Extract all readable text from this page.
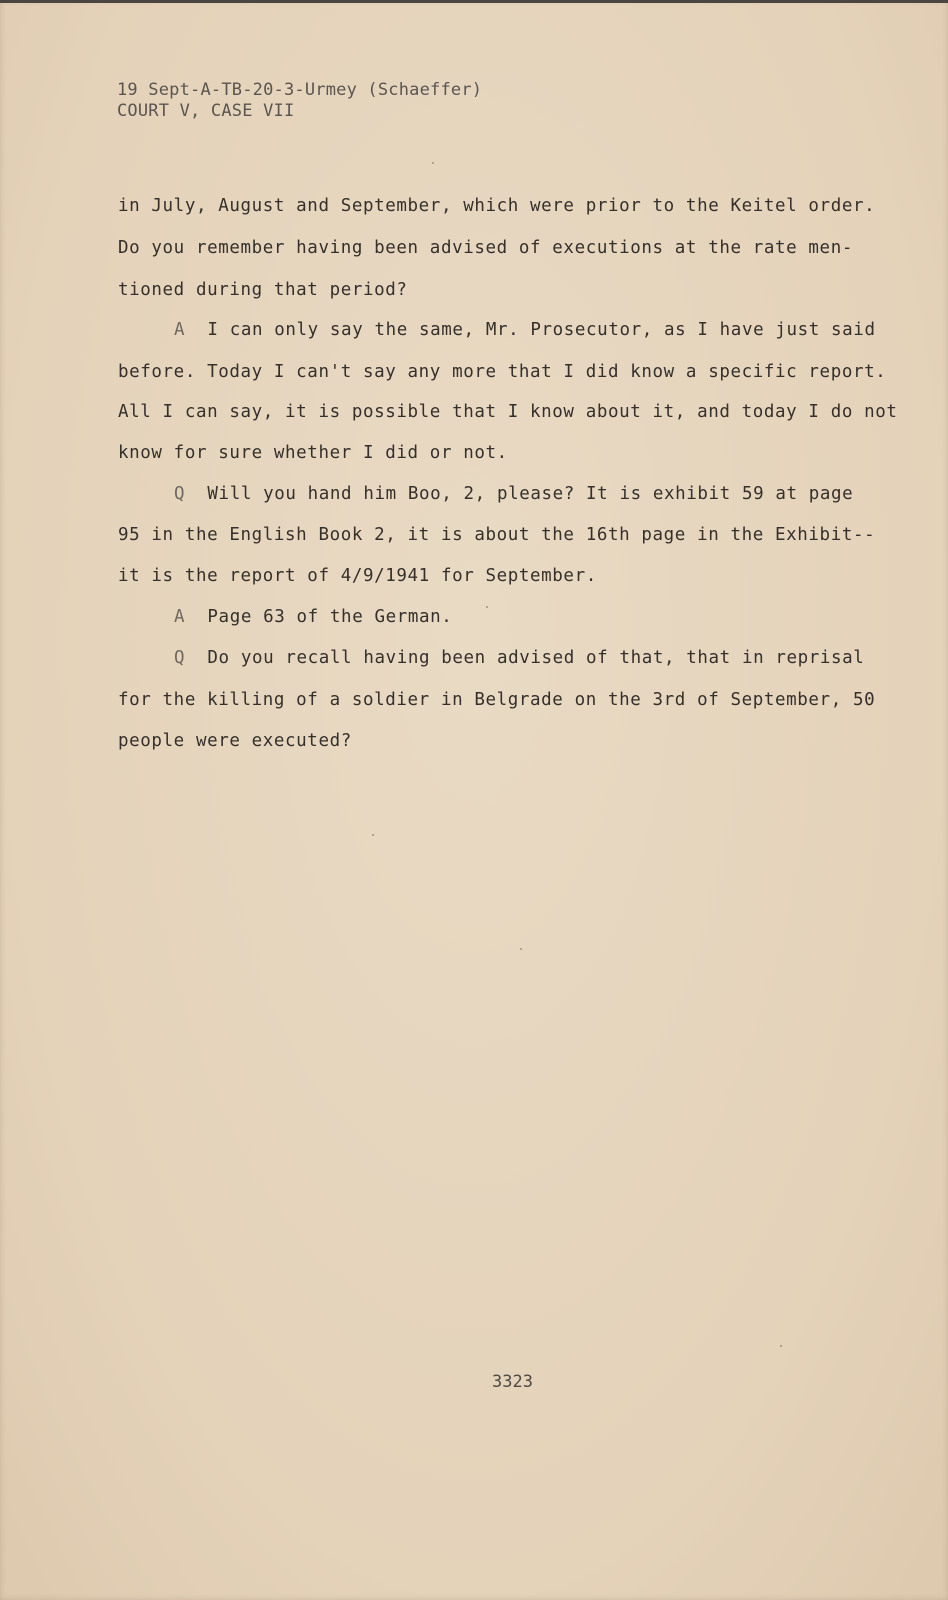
19 Sept-A-TB-20-3-Urmey (Schaeffer)
COURT V, CASE VII
in July, August and September, which were prior to the Keitel order.
Do you remember having been advised of executions at the rate men-
tioned during that period?
A I can only say the same, Mr. Prosecutor, as I have just said
before. Today I can't say any more that I did know a specific report.
All I can say, it is possible that I know about it, and today I do not
know for sure whether I did or not.
Q Will you hand him Boo, 2, please? It is exhibit 59 at page
95 in the English Book 2, it is about the 16th page in the Exhibit--
it is the report of 4/9/1941 for September.
A Page 63 of the German.
Q Do you recall having been advised of that, that in reprisal
for the killing of a soldier in Belgrade on the 3rd of September, 50
people were executed?
3323
